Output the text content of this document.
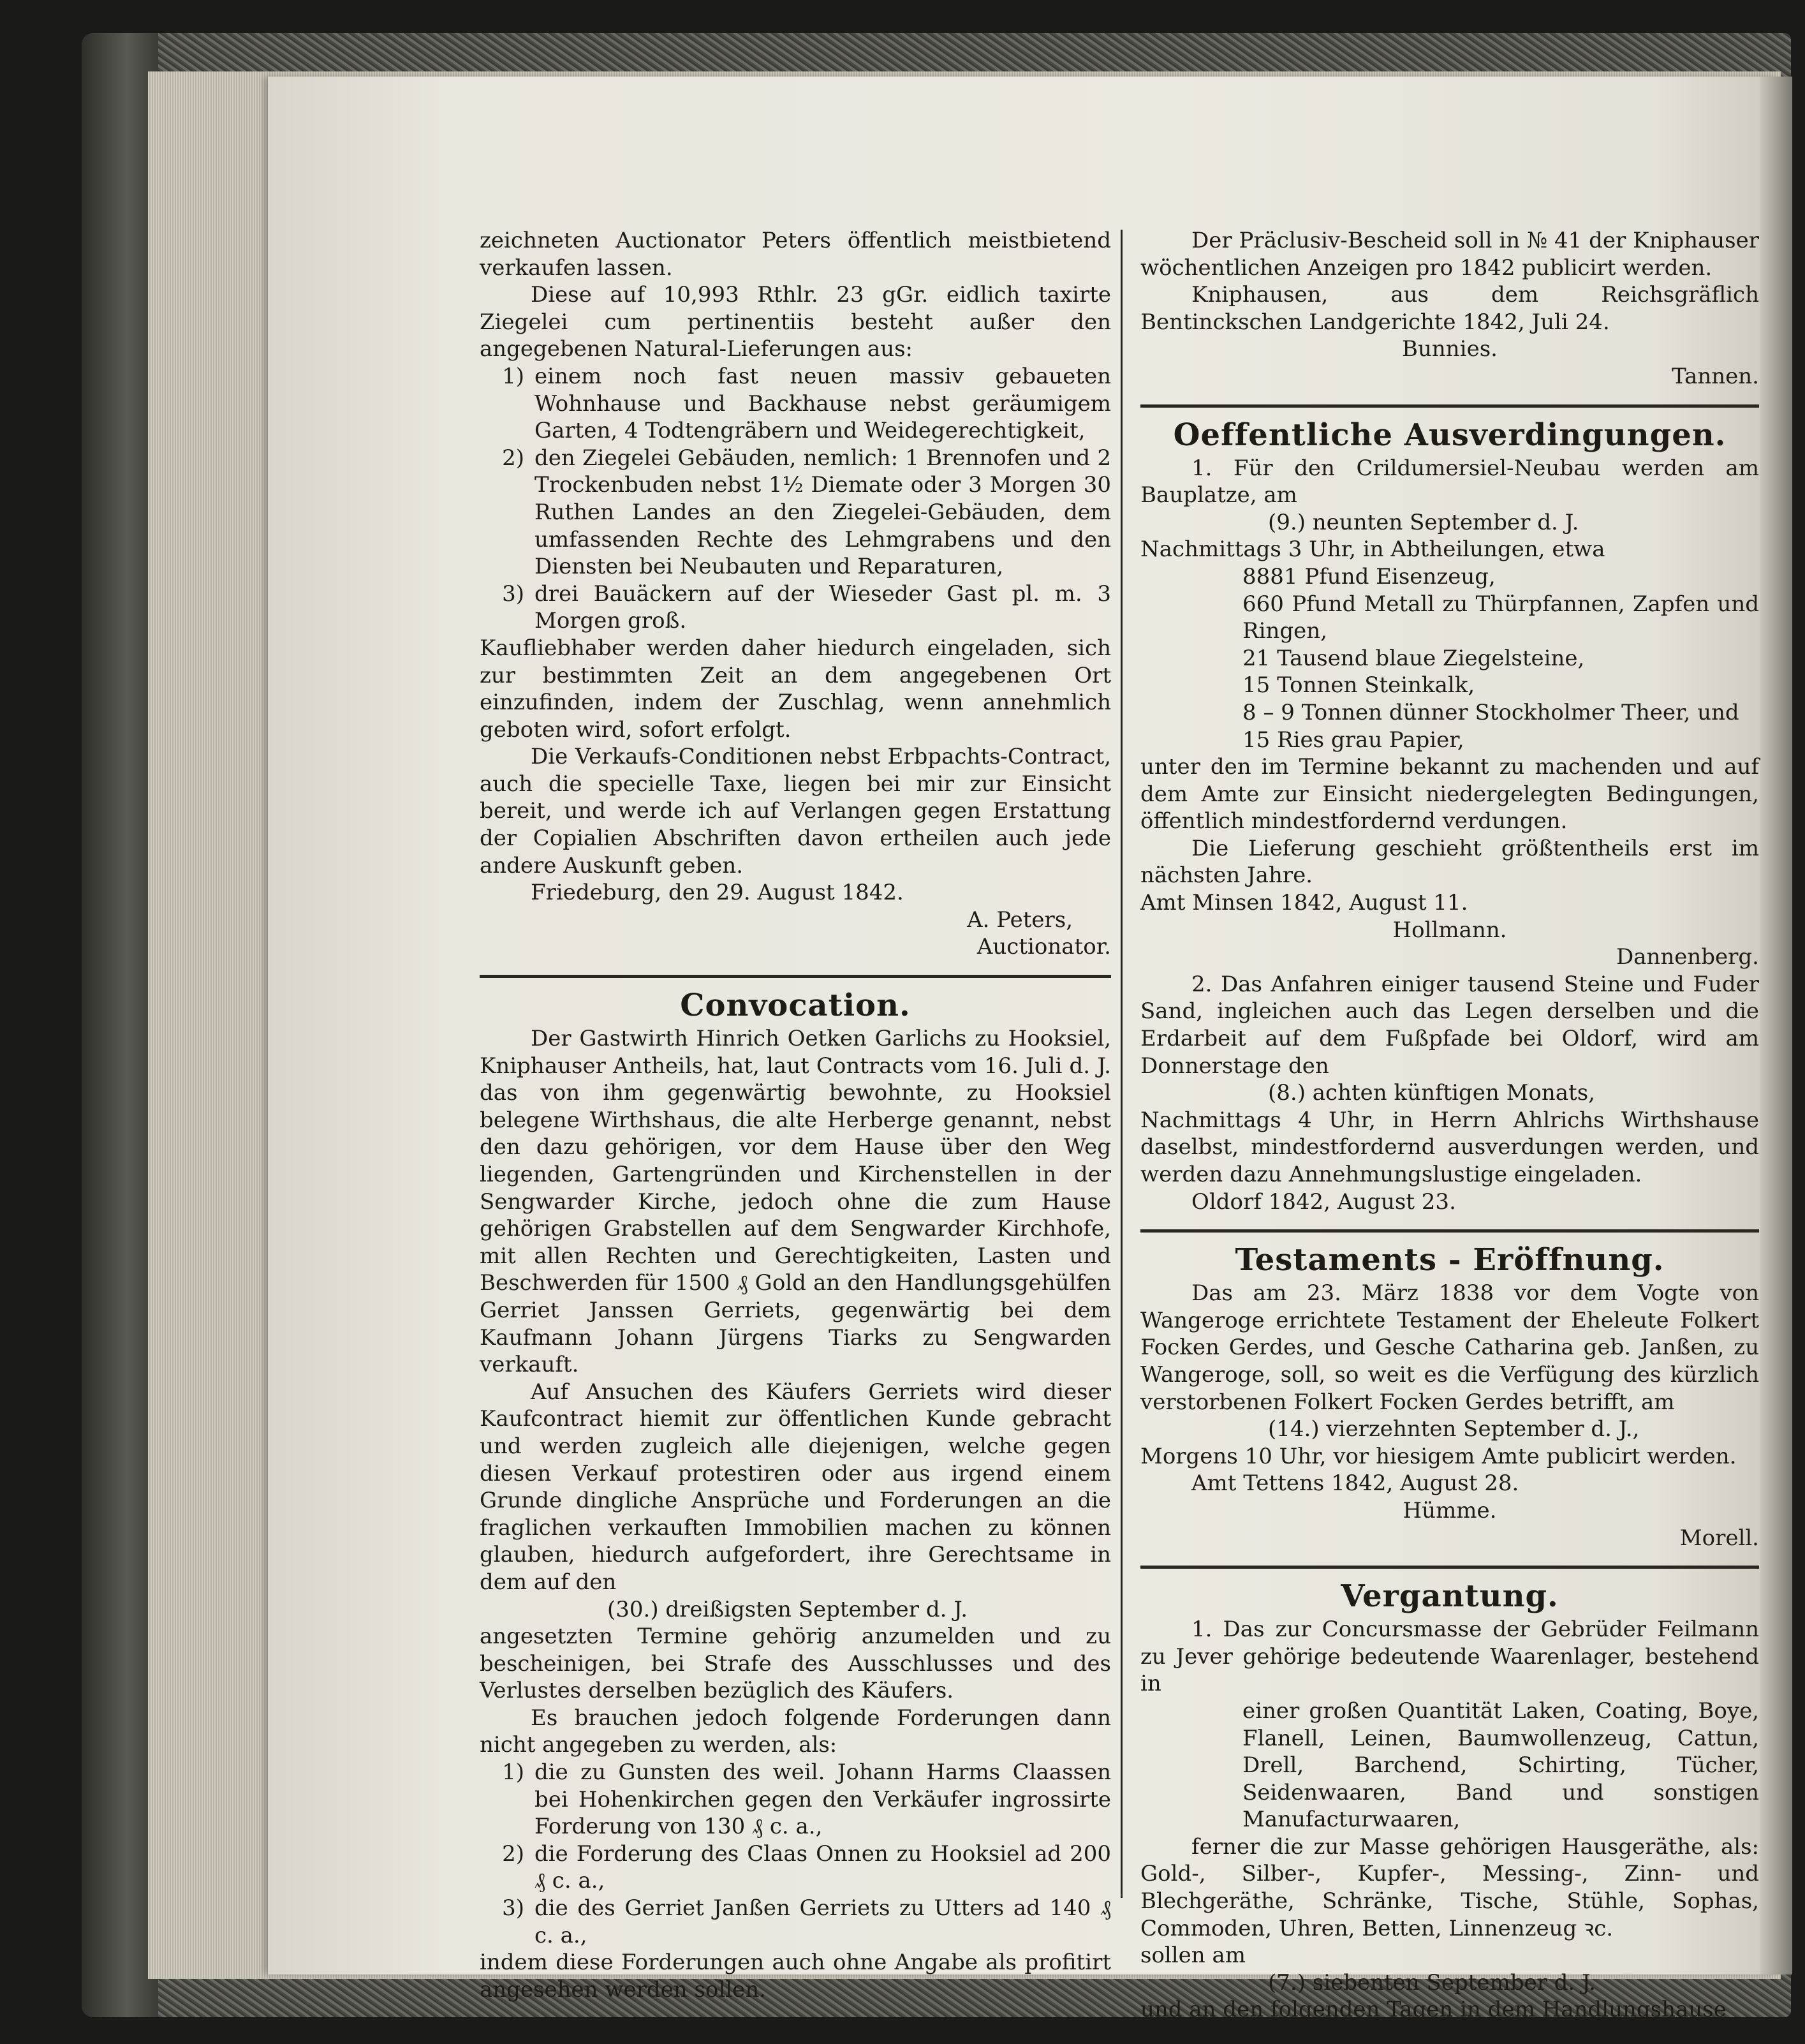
zeichneten Auctionator Peters öffentlich meistbietend verkaufen lassen.

Diese auf 10,993 Rthlr. 23 gGr. eidlich taxirte Ziegelei cum pertinentiis besteht außer den angegebenen Natural-Lieferungen aus:

1) einem noch fast neuen massiv gebaueten Wohnhause und Backhause nebst geräumigem Garten, 4 Todtengräbern und Weidegerechtigkeit,
2) den Ziegelei Gebäuden, nemlich: 1 Brennofen und 2 Trockenbuden nebst 1½ Diemate oder 3 Morgen 30 Ruthen Landes an den Ziegelei-Gebäuden, dem umfassenden Rechte des Lehmgrabens und den Diensten bei Neubauten und Reparaturen,
3) drei Bauäckern auf der Wieseder Gast pl. m. 3 Morgen groß.

Kaufliebhaber werden daher hiedurch eingeladen, sich zur bestimmten Zeit an dem angegebenen Ort einzufinden, indem der Zuschlag, wenn annehmlich geboten wird, sofort erfolgt.

Die Verkaufs-Conditionen nebst Erbpachts-Contract, auch die specielle Taxe, liegen bei mir zur Einsicht bereit, und werde ich auf Verlangen gegen Erstattung der Copialien Abschriften davon ertheilen auch jede andere Auskunft geben.

Friedeburg, den 29. August 1842.

A. Peters,

Auctionator.

Convocation.

Der Gastwirth Hinrich Oetken Garlichs zu Hooksiel, Kniphauser Antheils, hat, laut Contracts vom 16. Juli d. J. das von ihm gegenwärtig bewohnte, zu Hooksiel belegene Wirthshaus, die alte Herberge genannt, nebst den dazu gehörigen, vor dem Hause über den Weg liegenden, Gartengründen und Kirchenstellen in der Sengwarder Kirche, jedoch ohne die zum Hause gehörigen Grabstellen auf dem Sengwarder Kirchhofe, mit allen Rechten und Gerechtigkeiten, Lasten und Beschwerden für 1500 ₰ Gold an den Handlungsgehülfen Gerriet Janssen Gerriets, gegenwärtig bei dem Kaufmann Johann Jürgens Tiarks zu Sengwarden verkauft.

Auf Ansuchen des Käufers Gerriets wird dieser Kaufcontract hiemit zur öffentlichen Kunde gebracht und werden zugleich alle diejenigen, welche gegen diesen Verkauf protestiren oder aus irgend einem Grunde dingliche Ansprüche und Forderungen an die fraglichen verkauften Immobilien machen zu können glauben, hiedurch aufgefordert, ihre Gerechtsame in dem auf den

(30.) dreißigsten September d. J.

angesetzten Termine gehörig anzumelden und zu bescheinigen, bei Strafe des Ausschlusses und des Verlustes derselben bezüglich des Käufers.

Es brauchen jedoch folgende Forderungen dann nicht angegeben zu werden, als:

1) die zu Gunsten des weil. Johann Harms Claassen bei Hohenkirchen gegen den Verkäufer ingrossirte Forderung von 130 ₰ c. a.,
2) die Forderung des Claas Onnen zu Hooksiel ad 200 ₰ c. a.,
3) die des Gerriet Janßen Gerriets zu Utters ad 140 ₰ c. a.,

indem diese Forderungen auch ohne Angabe als profitirt angesehen werden sollen.

Der Präclusiv-Bescheid soll in № 41 der Kniphauser wöchentlichen Anzeigen pro 1842 publicirt werden.

Kniphausen, aus dem Reichsgräflich Bentinckschen Landgerichte 1842, Juli 24.

Bunnies.

Tannen.

Oeffentliche Ausverdingungen.

1. Für den Crildumersiel-Neubau werden am Bauplatze, am

(9.) neunten September d. J.

Nachmittags 3 Uhr, in Abtheilungen, etwa

8881 Pfund Eisenzeug,

660 Pfund Metall zu Thürpfannen, Zapfen und Ringen,

21 Tausend blaue Ziegelsteine,

15 Tonnen Steinkalk,

8 – 9 Tonnen dünner Stockholmer Theer, und

15 Ries grau Papier,

unter den im Termine bekannt zu machenden und auf dem Amte zur Einsicht niedergelegten Bedingungen, öffentlich mindestfordernd verdungen.

Die Lieferung geschieht größtentheils erst im nächsten Jahre.

Amt Minsen 1842, August 11.

Hollmann.

Dannenberg.

2. Das Anfahren einiger tausend Steine und Fuder Sand, ingleichen auch das Legen derselben und die Erdarbeit auf dem Fußpfade bei Oldorf, wird am Donnerstage den

(8.) achten künftigen Monats,

Nachmittags 4 Uhr, in Herrn Ahlrichs Wirthshause daselbst, mindestfordernd ausverdungen werden, und werden dazu Annehmungslustige eingeladen.

Oldorf 1842, August 23.

Testaments - Eröffnung.

Das am 23. März 1838 vor dem Vogte von Wangeroge errichtete Testament der Eheleute Folkert Focken Gerdes, und Gesche Catharina geb. Janßen, zu Wangeroge, soll, so weit es die Verfügung des kürzlich verstorbenen Folkert Focken Gerdes betrifft, am

(14.) vierzehnten September d. J.,

Morgens 10 Uhr, vor hiesigem Amte publicirt werden.

Amt Tettens 1842, August 28.

Hümme.

Morell.

Vergantung.

1. Das zur Concursmasse der Gebrüder Feilmann zu Jever gehörige bedeutende Waarenlager, bestehend in

einer großen Quantität Laken, Coating, Boye, Flanell, Leinen, Baumwollenzeug, Cattun, Drell, Barchend, Schirting, Tücher, Seidenwaaren, Band und sonstigen Manufacturwaaren,

ferner die zur Masse gehörigen Hausgeräthe, als: Gold-, Silber-, Kupfer-, Messing-, Zinn- und Blechgeräthe, Schränke, Tische, Stühle, Sophas, Commoden, Uhren, Betten, Linnenzeug ꝛc.

sollen am

(7.) siebenten September d. J.

und an den folgenden Tagen in dem Handlungshause
